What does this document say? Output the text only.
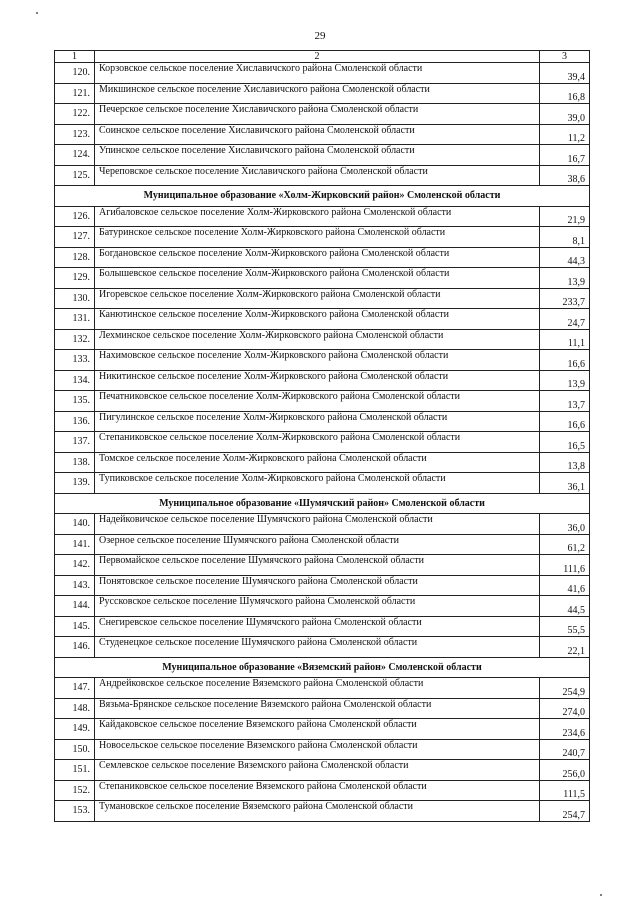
29
1	2	3
120.	Корзовское сельское поселение Хиславичского района Смоленской области	39,4
121.	Микшинское сельское поселение Хиславичского района Смоленской области	16,8
122.	Печерское сельское поселение Хиславичского района Смоленской области	39,0
123.	Соинское сельское поселение Хиславичского района Смоленской области	11,2
124.	Упинское сельское поселение Хиславичского района Смоленской области	16,7
125.	Череповское сельское поселение Хиславичского района Смоленской области	38,6
Муниципальное образование «Холм-Жирковский район» Смоленской области		
126.	Агибаловское сельское поселение Холм-Жирковского района Смоленской области	21,9
127.	Батуринское сельское поселение Холм-Жирковского района Смоленской области	8,1
128.	Богдановское сельское поселение Холм-Жирковского района Смоленской области	44,3
129.	Болышевское сельское поселение Холм-Жирковского района Смоленской области	13,9
130.	Игоревское сельское поселение Холм-Жирковского района Смоленской области	233,7
131.	Канютинское сельское поселение Холм-Жирковского района Смоленской области	24,7
132.	Лехминское сельское поселение Холм-Жирковского района Смоленской области	11,1
133.	Нахимовское сельское поселение Холм-Жирковского района Смоленской области	16,6
134.	Никитинское сельское поселение Холм-Жирковского района Смоленской области	13,9
135.	Печатниковское сельское поселение Холм-Жирковского района Смоленской области	13,7
136.	Пигулинское сельское поселение Холм-Жирковского района Смоленской области	16,6
137.	Степаниковское сельское поселение Холм-Жирковского района Смоленской области	16,5
138.	Томское сельское поселение Холм-Жирковского района Смоленской области	13,8
139.	Тупиковское сельское поселение Холм-Жирковского района Смоленской области	36,1
Муниципальное образование «Шумячский район» Смоленской области		
140.	Надейковичское сельское поселение Шумячского района Смоленской области	36,0
141.	Озерное сельское поселение Шумячского района Смоленской области	61,2
142.	Первомайское сельское поселение Шумячского района Смоленской области	111,6
143.	Понятовское сельское поселение Шумячского района Смоленской области	41,6
144.	Руссковское сельское поселение Шумячского района Смоленской области	44,5
145.	Снегиревское сельское поселение Шумячского района Смоленской области	55,5
146.	Студенецкое сельское поселение Шумячского района Смоленской области	22,1
Муниципальное образование «Вяземский район» Смоленской области		
147.	Андрейковское сельское поселение Вяземского района Смоленской области	254,9
148.	Вязьма-Брянское сельское поселение Вяземского района Смоленской области	274,0
149.	Кайдаковское сельское поселение Вяземского района Смоленской области	234,6
150.	Новосельское сельское поселение Вяземского района Смоленской области	240,7
151.	Семлевское сельское поселение Вяземского района Смоленской области	256,0
152.	Степаниковское сельское поселение Вяземского района Смоленской области	111,5
153.	Тумановское сельское поселение Вяземского района Смоленской области	254,7
